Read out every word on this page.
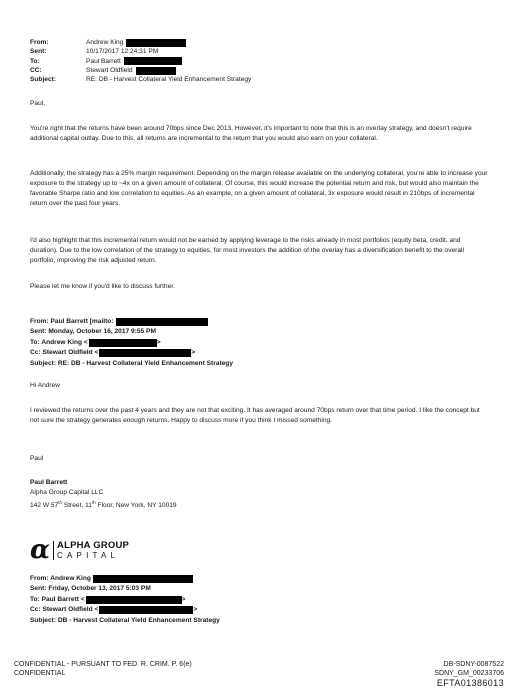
From:	Andrew King
Sent:	10/17/2017 12:24:31 PM
To:	Paul Barrett
CC:	Stewart Oldfield
Subject:	RE: DB - Harvest Collateral Yield Enhancement Strategy

Paul,

You're right that the returns have been around 70bps since Dec 2013. However, it's important to note that this is an overlay strategy, and doesn't require additional capital outlay. Due to this, all returns are incremental to the return that you would also earn on your collateral.

Additionally, the strategy has a 25% margin requirement. Depending on the margin release available on the underlying collateral, you're able to increase your exposure to the strategy up to ~4x on a given amount of collateral. Of course, this would increase the potential return and risk, but would also maintain the favorable Sharpe ratio and low correlation to equities. As an example, on a given amount of collateral, 3x exposure would result in 210bps of incremental return over the past four years.

I'd also highlight that this incremental return would not be earned by applying leverage to the risks already in most portfolios (equity beta, credit, and duration). Due to the low correlation of the strategy to equities, for most investors the addition of the overlay has a diversification benefit to the overall portfolio, improving the risk adjusted return.

Please let me know if you'd like to discuss further.

From: Paul Barrett [mailto:
Sent: Monday, October 16, 2017 9:55 PM
To: Andrew King <	>
Cc: Stewart Oldfield <	>
Subject: RE: DB - Harvest Collateral Yield Enhancement Strategy

Hi Andrew

I reviewed the returns over the past 4 years and they are not that exciting. It has averaged around 70bps return over that time period. I like the concept but not sure the strategy generates enough returns. Happy to discuss more if you think I missed something.

Paul

Paul Barrett
Alpha Group Capital LLC
142 W 57th Street, 11th Floor, New York, NY 10019
α ALPHA GROUP
CAPITAL
From: Andrew King
Sent: Friday, October 13, 2017 5:03 PM
To: Paul Barrett <	>
Cc: Stewart Oldfield <	>
Subject: DB - Harvest Collateral Yield Enhancement Strategy
CONFIDENTIAL - PURSUANT TO FED. R. CRIM. P. 6(e)
CONFIDENTIAL
DB-SDNY-0087522
SDNY_GM_00233706
EFTA01386013
